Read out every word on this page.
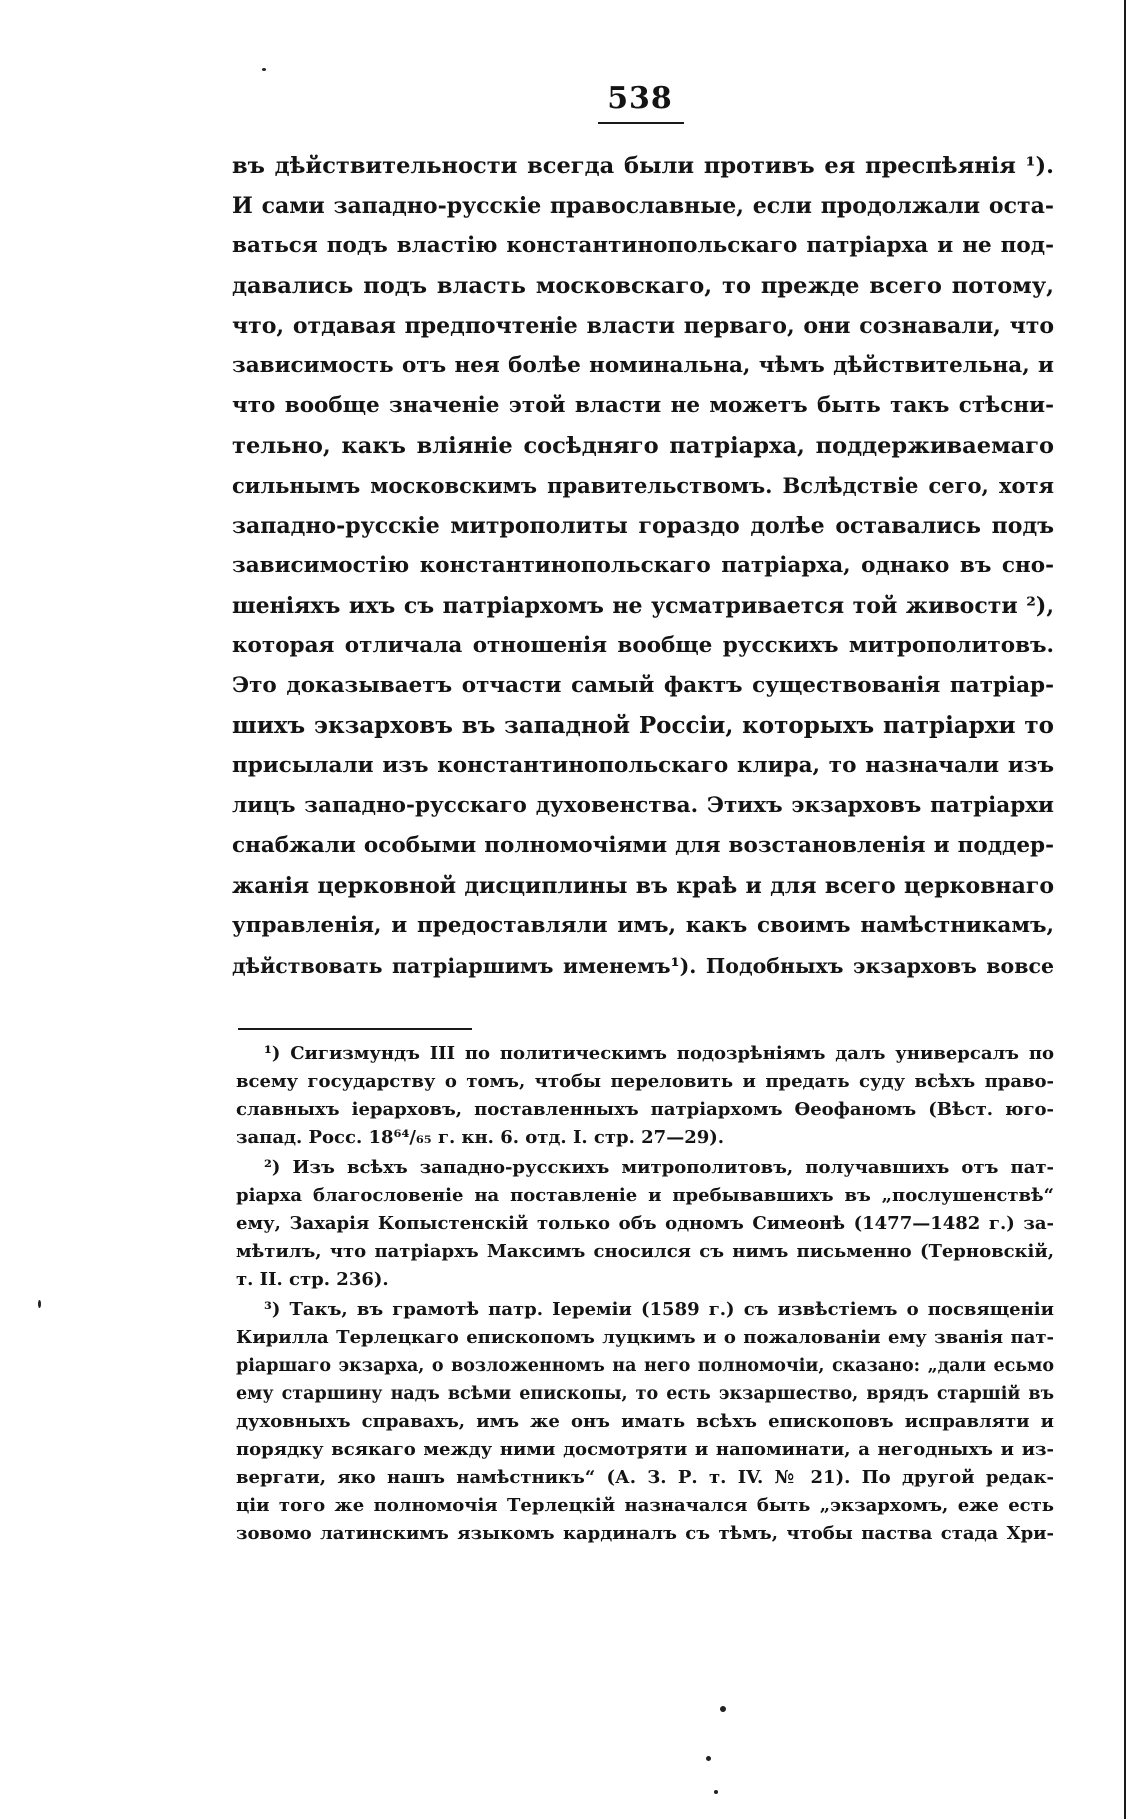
538
въ дѣйствительности всегда были противъ ея преспѣянія ¹).
И сами западно-русскіе православные, если продолжали оста-
ваться подъ властію константинопольскаго патріарха и не под-
давались подъ власть московскаго, то прежде всего потому,
что, отдавая предпочтеніе власти перваго, они сознавали, что
зависимость отъ нея болѣе номинальна, чѣмъ дѣйствительна, и
что вообще значеніе этой власти не можетъ быть такъ стѣсни-
тельно, какъ вліяніе сосѣдняго патріарха, поддерживаемаго
сильнымъ московскимъ правительствомъ. Вслѣдствіе сего, хотя
западно-русскіе митрополиты гораздо долѣе оставались подъ
зависимостію константинопольскаго патріарха, однако въ сно-
шеніяхъ ихъ съ патріархомъ не усматривается той живости ²),
которая отличала отношенія вообще русскихъ митрополитовъ.
Это доказываетъ отчасти самый фактъ существованія патріар-
шихъ экзарховъ въ западной Россіи, которыхъ патріархи то
присылали изъ константинопольскаго клира, то назначали изъ
лицъ западно-русскаго духовенства. Этихъ экзарховъ патріархи
снабжали особыми полномочіями для возстановленія и поддер-
жанія церковной дисциплины въ краѣ и для всего церковнаго
управленія, и предоставляли имъ, какъ своимъ намѣстникамъ,
дѣйствовать патріаршимъ именемъ¹). Подобныхъ экзарховъ вовсе
¹) Сигизмундъ III по политическимъ подозрѣніямъ далъ универсалъ по
всему государству о томъ, чтобы переловить и предать суду всѣхъ право-
славныхъ іерарховъ, поставленныхъ патріархомъ Ѳеофаномъ (Вѣст. юго-
запад. Росс. 18⁶⁴/₆₅ г. кн. 6. отд. I. стр. 27—29).
²) Изъ всѣхъ западно-русскихъ митрополитовъ, получавшихъ отъ пат-
ріарха благословеніе на поставленіе и пребывавшихъ въ „послушенствѣ“
ему, Захарія Копыстенскій только объ одномъ Симеонѣ (1477—1482 г.) за-
мѣтилъ, что патріархъ Максимъ сносился съ нимъ письменно (Терновскій,
т. II. стр. 236).
³) Такъ, въ грамотѣ патр. Іереміи (1589 г.) съ извѣстіемъ о посвященіи
Кирилла Терлецкаго епископомъ луцкимъ и о пожалованіи ему званія пат-
ріаршаго экзарха, о возложенномъ на него полномочіи, сказано: „дали есьмо
ему старшину надъ всѣми епископы, то есть экзаршество, врядъ старшій въ
духовныхъ справахъ, имъ же онъ имать всѣхъ епископовъ исправляти и
порядку всякаго между ними досмотряти и напоминати, а негодныхъ и из-
вергати, яко нашъ намѣстникъ“ (А. З. Р. т. IV. № 21). По другой редак-
ціи того же полномочія Терлецкій назначался быть „экзархомъ, еже есть
зовомо латинскимъ языкомъ кардиналъ съ тѣмъ, чтобы паства стада Хри-
